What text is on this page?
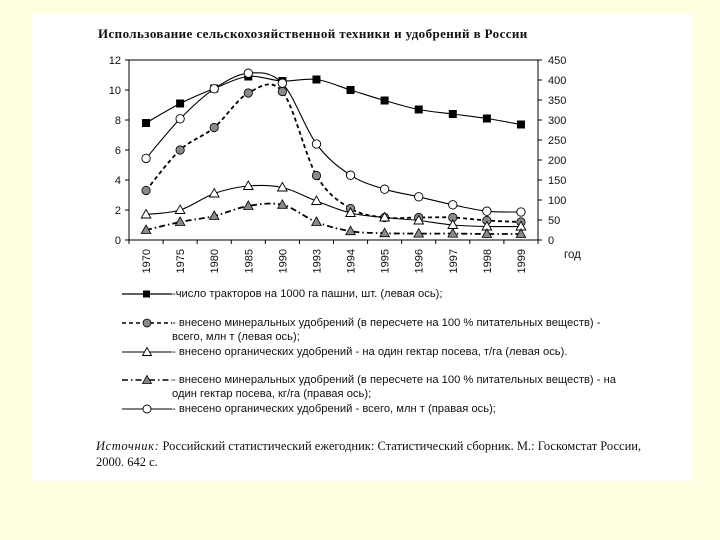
Использование сельскохозяйственной техники и удобрений в России
0
2
4
6
8
10
12
0
50
100
150
200
250
300
350
400
450
1970 1975 1980 1985 1990 1993 1994 1995 1996 1997 1998 1999	год
-число тракторов на 1000 га пашни, шт. (левая ось);
- внесено минеральных удобрений (в пересчете на 100 % питательных веществ) - всего, млн т (левая ось);
- внесено органических удобрений - на один гектар посева, т/га (левая ось).
- внесено минеральных удобрений (в пересчете на 100 % питательных веществ) - на один гектар посева, кг/га (правая ось);
- внесено органических удобрений - всего, млн т (правая ось);
Источник: Российский статистический ежегодник: Статистический сборник. М.: Госкомстат России, 2000. 642 с.
